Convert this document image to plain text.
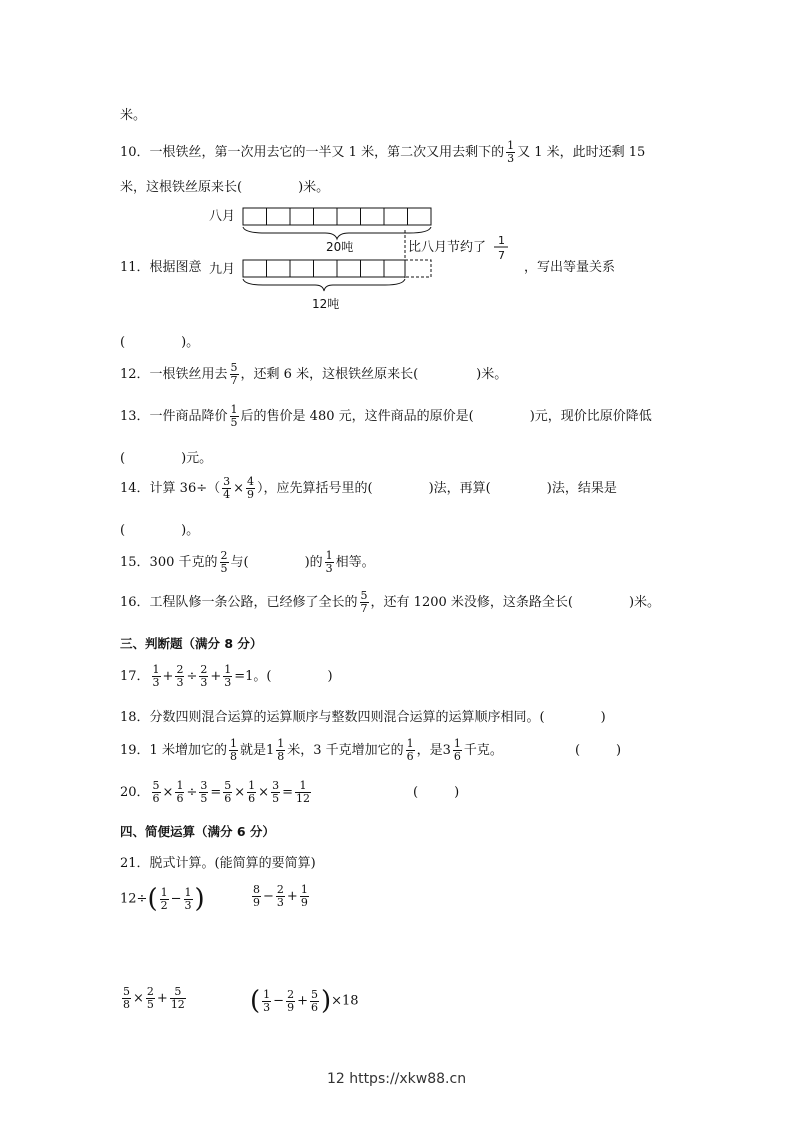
米。
10．一根铁丝，第一次用去它的一半又 1 米，第二次又用去剩下的 $\frac{1}{3}$ 又 1 米，此时还剩 15
米，这根铁丝原来长(	)米。
11．根据图意
八月
20吨	比八月节约了 1
7
九月
12吨
，写出等量关系
(	)。
12．一根铁丝用去 $\frac{5}{7}$ ，还剩 6 米，这根铁丝原来长(	)米。
13．一件商品降价 $\frac{1}{5}$ 后的售价是 480 元，这件商品的原价是(	)元，现价比原价降低
(	)元。
14．计算 $36\div( \frac{3}{4} \times \frac{4}{9}$ ），应先算括号里的(	)法，再算(	)法，结果是
(	)。
15．300 千克的 $\frac{2}{5}$ 与(	)的 $\frac{1}{3}$ 相等。
16．工程队修一条公路，已经修了全长的 $\frac{5}{7}$ ，还有 1200 米没修，这条路全长(	)米。
三、判断题（满分 8 分）
17． $\frac{1}{3} + \frac{2}{3} \div \frac{2}{3} + \frac{1}{3} =1$。(	)
18．分数四则混合运算的运算顺序与整数四则混合运算的运算顺序相同。(	)
19．1 米增加它的 $\frac{1}{8}$ 就是$1 \frac{1}{8}$ 米，3 千克增加它的 $\frac{1}{6}$ ，是$3 \frac{1}{6}$ 千克。	(	)
20． $\frac{5}{6} \times \frac{1}{6} \div \frac{3}{5} = \frac{5}{6} \times \frac{1}{6} \times \frac{3}{5} = \frac{1}{12}$	(	)
四、简便运算（满分 6 分）
21．脱式计算。(能简算的要简算)
$12\div( \frac{1}{2} - \frac{1}{3}$ )	$\frac{8}{9} - \frac{2}{3} + \frac{1}{9}$
$\frac{5}{8} \times \frac{2}{5} + \frac{5}{12}$ ( $\frac{1}{3} - \frac{2}{9} + \frac{5}{6} )\times 18$
12 https://xkw88.cn
